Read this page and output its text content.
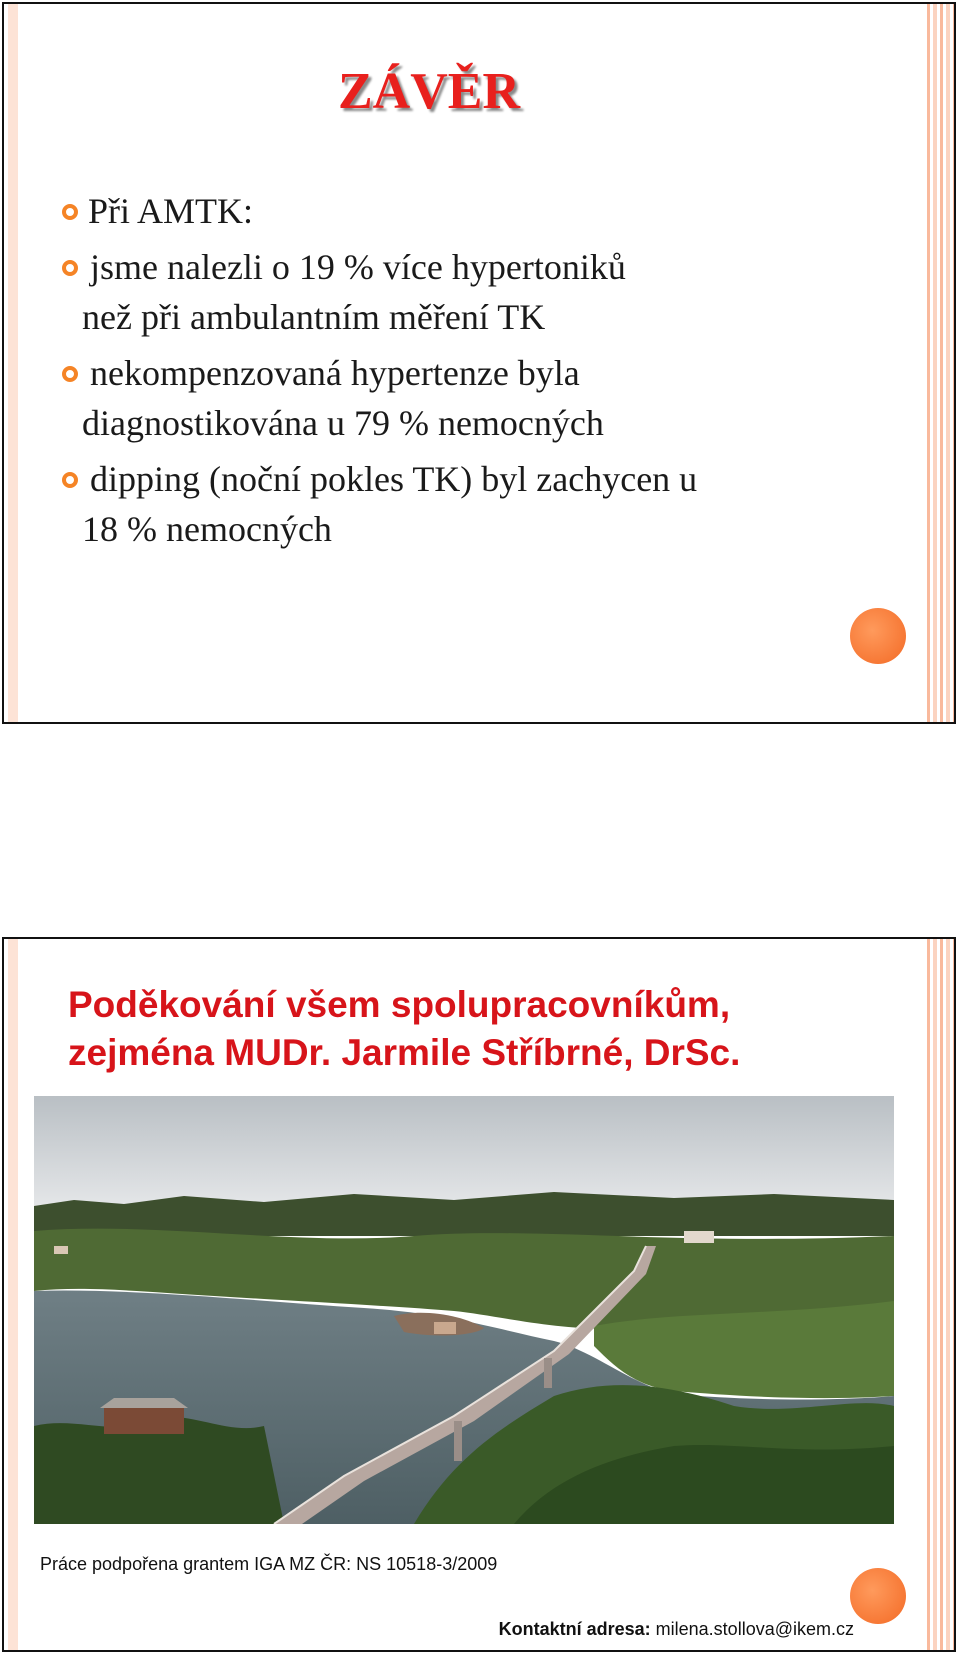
ZÁVĚR
Při AMTK:
jsme nalezli o 19 % více hypertoniků
než při ambulantním měření TK
nekompenzovaná hypertenze byla
diagnostikována u 79 % nemocných
dipping (noční pokles TK) byl zachycen u
18 % nemocných

Poděkování všem spolupracovníkům,
zejména MUDr. Jarmile Stříbrné, DrSc.

Práce podpořena grantem IGA MZ ČR: NS 10518-3/2009

Kontaktní adresa: milena.stollova@ikem.cz
